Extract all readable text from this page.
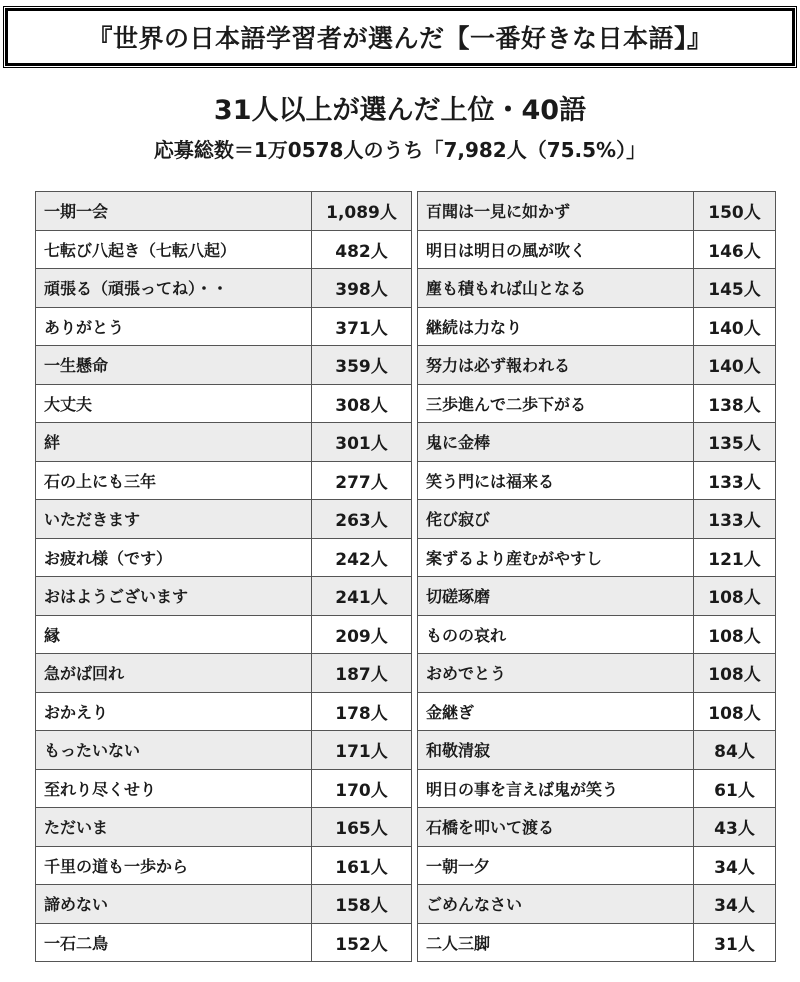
『世界の日本語学習者が選んだ【一番好きな日本語】』
31人以上が選んだ上位・40語
応募総数＝1万0578人のうち「7,982人（75.5%）」
一期一会	1,089人		百聞は一見に如かず	150人
七転び八起き（七転八起）	482人		明日は明日の風が吹く	146人
頑張る（頑張ってね）・・	398人		塵も積もれば山となる	145人
ありがとう	371人		継続は力なり	140人
一生懸命	359人		努力は必ず報われる	140人
大丈夫	308人		三歩進んで二歩下がる	138人
絆	301人		鬼に金棒	135人
石の上にも三年	277人		笑う門には福来る	133人
いただきます	263人		侘び寂び	133人
お疲れ様（です）	242人		案ずるより産むがやすし	121人
おはようございます	241人		切磋琢磨	108人
縁	209人		ものの哀れ	108人
急がば回れ	187人		おめでとう	108人
おかえり	178人		金継ぎ	108人
もったいない	171人		和敬清寂	84人
至れり尽くせり	170人		明日の事を言えば鬼が笑う	61人
ただいま	165人		石橋を叩いて渡る	43人
千里の道も一歩から	161人		一朝一夕	34人
諦めない	158人		ごめんなさい	34人
一石二鳥	152人		二人三脚	31人
